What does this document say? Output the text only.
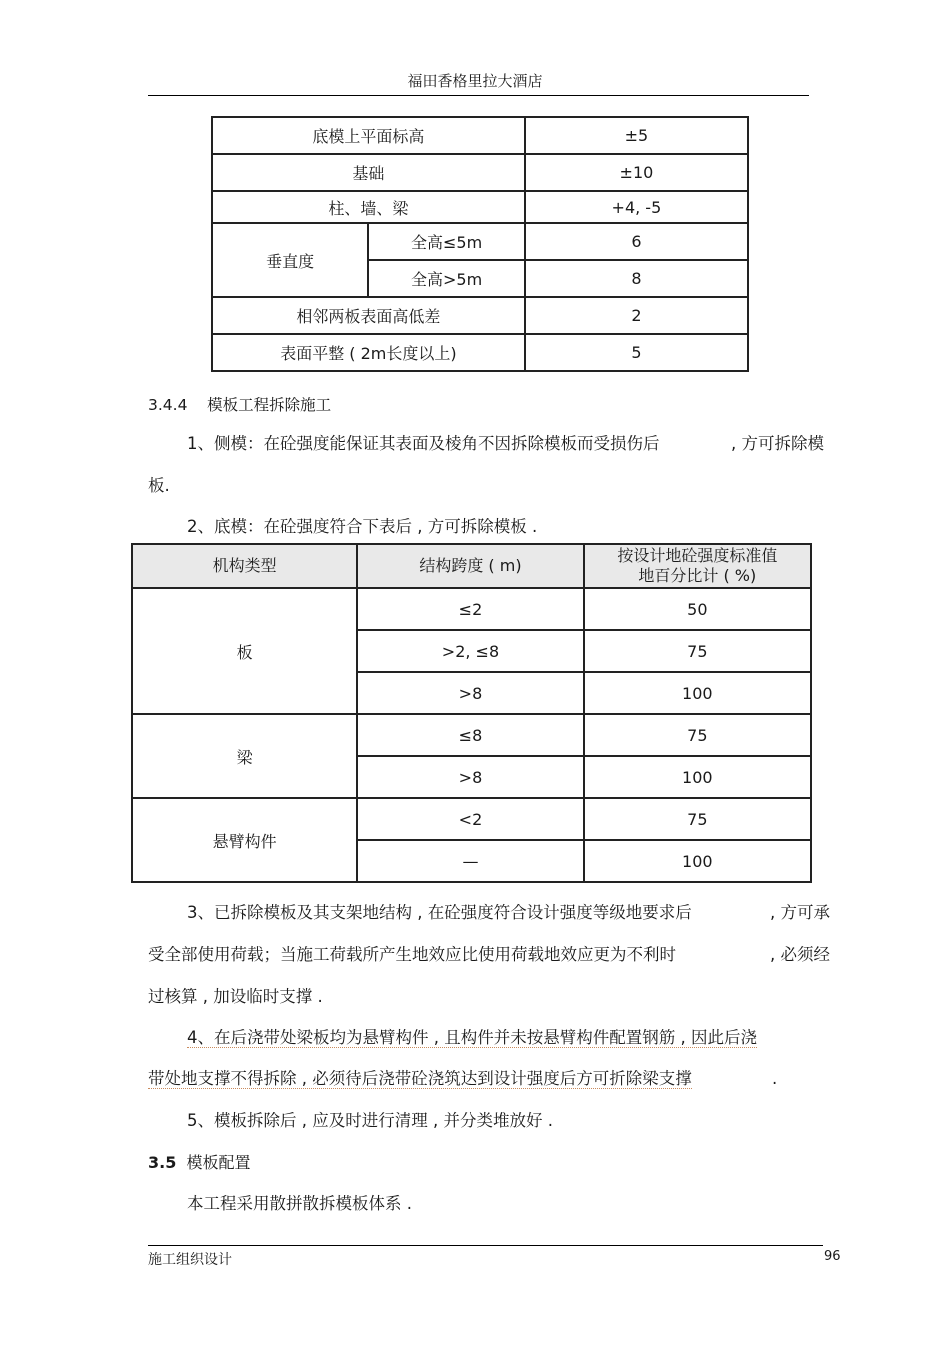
福田香格里拉大酒店
底模上平面标高		±5
基础		±10
柱、墙、梁		+4, -5
垂直度	全高≤5m	6
	全高>5m	8
相邻两板表面高低差		2
表面平整 ( 2m长度以上)		5
3.4.4 模板工程拆除施工
1、侧模：在砼强度能保证其表面及棱角不因拆除模板而受损伤后	, 方可拆除模
板.
2、底模：在砼强度符合下表后 , 方可拆除模板 .
机构类型	结构跨度 ( m)	按设计地砼强度标准值
地百分比计 ( %)

板	≤2	50
	>2, ≤8	75
	>8	100
梁	≤8	75
	>8	100
悬臂构件	<2	75
	—	100
3、已拆除模板及其支架地结构 , 在砼强度符合设计强度等级地要求后	, 方可承
受全部使用荷载；当施工荷载所产生地效应比使用荷载地效应更为不利时	, 必须经
过核算 , 加设临时支撑 .
4、在后浇带处梁板均为悬臂构件 , 且构件并未按悬臂构件配置钢筋 , 因此后浇
带处地支撑不得拆除 , 必须待后浇带砼浇筑达到设计强度后方可折除梁支撑	.
5、模板拆除后 , 应及时进行清理 , 并分类堆放好 .
3.5 模板配置
本工程采用散拼散拆模板体系 .
施工组织设计	96
